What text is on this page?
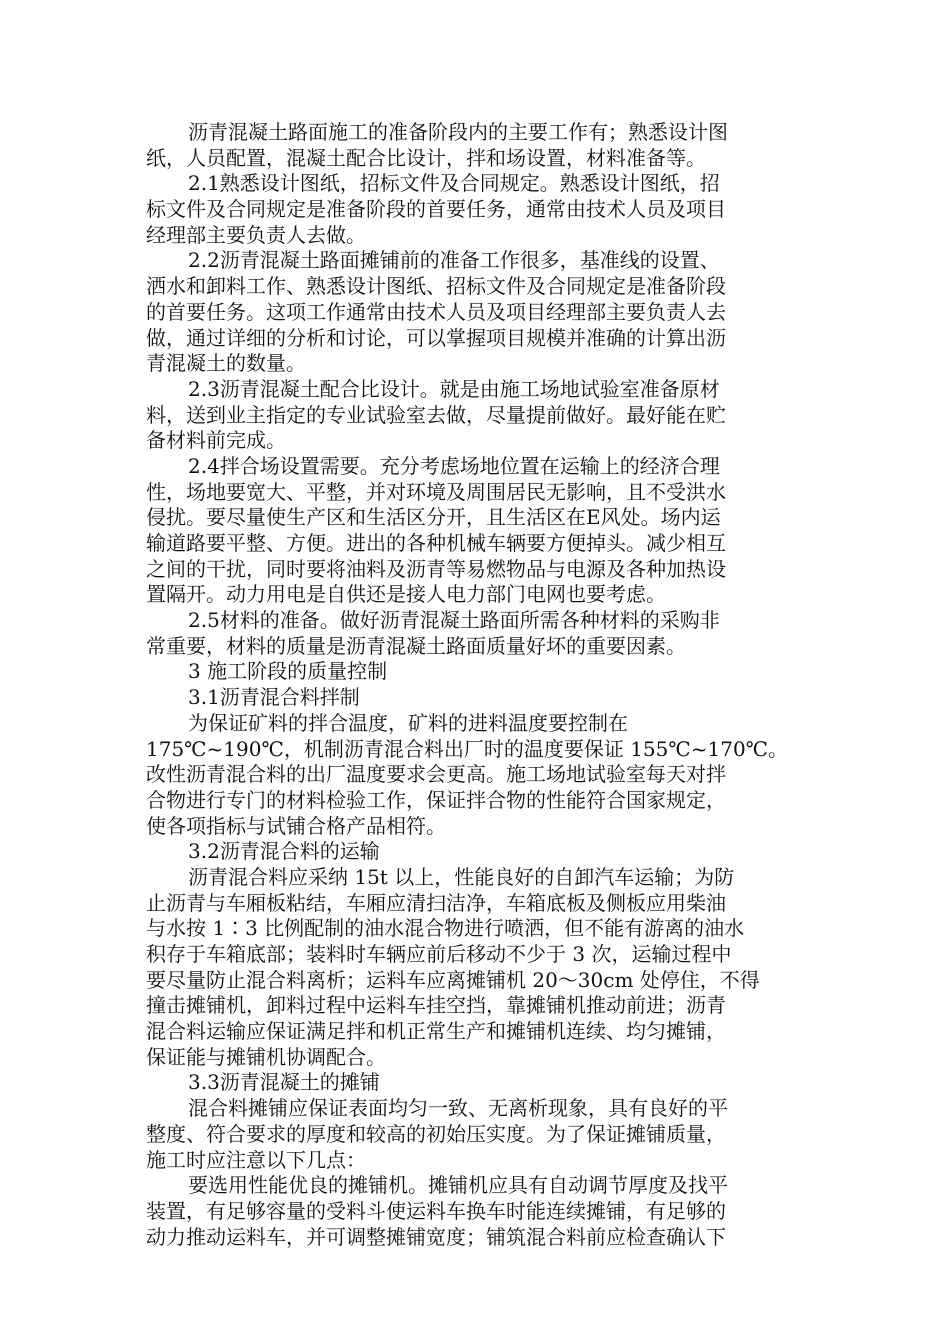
沥青混凝土路面施工的准备阶段内的主要工作有；熟悉设计图
纸，人员配置，混凝土配合比设计，拌和场设置，材料准备等。
2.1熟悉设计图纸，招标文件及合同规定。熟悉设计图纸，招
标文件及合同规定是准备阶段的首要任务，通常由技术人员及项目
经理部主要负责人去做。
2.2沥青混凝土路面摊铺前的准备工作很多，基准线的设置、
洒水和卸料工作、熟悉设计图纸、招标文件及合同规定是准备阶段
的首要任务。这项工作通常由技术人员及项目经理部主要负责人去
做，通过详细的分析和讨论，可以掌握项目规模并准确的计算出沥
青混凝土的数量。
2.3沥青混凝土配合比设计。就是由施工场地试验室准备原材
料，送到业主指定的专业试验室去做，尽量提前做好。最好能在贮
备材料前完成。
2.4拌合场设置需要。充分考虑场地位置在运输上的经济合理
性，场地要宽大、平整，并对环境及周围居民无影响，且不受洪水
侵扰。要尽量使生产区和生活区分开，且生活区在E风处。场内运
输道路要平整、方便。进出的各种机械车辆要方便掉头。减少相互
之间的干扰，同时要将油料及沥青等易燃物品与电源及各种加热设
置隔开。动力用电是自供还是接人电力部门电网也要考虑。
2.5材料的准备。做好沥青混凝土路面所需各种材料的采购非
常重要，材料的质量是沥青混凝土路面质量好坏的重要因素。
3 施工阶段的质量控制
3.1沥青混合料拌制
为保证矿料的拌合温度，矿料的进料温度要控制在
175℃~190℃，机制沥青混合料出厂时的温度要保证 155℃~170℃。
改性沥青混合料的出厂温度要求会更高。施工场地试验室每天对拌
合物进行专门的材料检验工作，保证拌合物的性能符合国家规定，
使各项指标与试铺合格产品相符。
3.2沥青混合料的运输
沥青混合料应采纳 15t 以上，性能良好的自卸汽车运输；为防
止沥青与车厢板粘结，车厢应清扫洁净，车箱底板及侧板应用柴油
与水按 1∶3 比例配制的油水混合物进行喷洒，但不能有游离的油水
积存于车箱底部；装料时车辆应前后移动不少于 3 次，运输过程中
要尽量防止混合料离析；运料车应离摊铺机 20～30cm 处停住，不得
撞击摊铺机，卸料过程中运料车挂空挡，靠摊铺机推动前进；沥青
混合料运输应保证满足拌和机正常生产和摊铺机连续、均匀摊铺，
保证能与摊铺机协调配合。
3.3沥青混凝土的摊铺
混合料摊铺应保证表面均匀一致、无离析现象，具有良好的平
整度、符合要求的厚度和较高的初始压实度。为了保证摊铺质量，
施工时应注意以下几点：
要选用性能优良的摊铺机。摊铺机应具有自动调节厚度及找平
装置，有足够容量的受料斗使运料车换车时能连续摊铺，有足够的
动力推动运料车，并可调整摊铺宽度；铺筑混合料前应检查确认下
